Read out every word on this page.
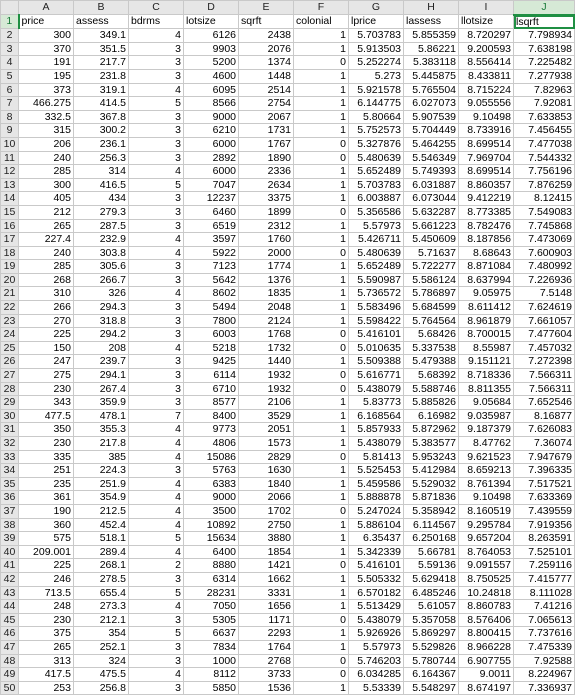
	A	B	C	D	E	F	G	H	I	J
1	price	assess	bdrms	lotsize	sqrft	colonial	lprice	lassess	llotsize	lsqrft
2	300	349.1	4	6126	2438	1	5.703783	5.855359	8.720297	7.798934
3	370	351.5	3	9903	2076	1	5.913503	5.86221	9.200593	7.638198
4	191	217.7	3	5200	1374	0	5.252274	5.383118	8.556414	7.225482
5	195	231.8	3	4600	1448	1	5.273	5.445875	8.433811	7.277938
6	373	319.1	4	6095	2514	1	5.921578	5.765504	8.715224	7.82963
7	466.275	414.5	5	8566	2754	1	6.144775	6.027073	9.055556	7.92081
8	332.5	367.8	3	9000	2067	1	5.80664	5.907539	9.10498	7.633853
9	315	300.2	3	6210	1731	1	5.752573	5.704449	8.733916	7.456455
10	206	236.1	3	6000	1767	0	5.327876	5.464255	8.699514	7.477038
11	240	256.3	3	2892	1890	0	5.480639	5.546349	7.969704	7.544332
12	285	314	4	6000	2336	1	5.652489	5.749393	8.699514	7.756196
13	300	416.5	5	7047	2634	1	5.703783	6.031887	8.860357	7.876259
14	405	434	3	12237	3375	1	6.003887	6.073044	9.412219	8.12415
15	212	279.3	3	6460	1899	0	5.356586	5.632287	8.773385	7.549083
16	265	287.5	3	6519	2312	1	5.57973	5.661223	8.782476	7.745868
17	227.4	232.9	4	3597	1760	1	5.426711	5.450609	8.187856	7.473069
18	240	303.8	4	5922	2000	0	5.480639	5.71637	8.68643	7.600903
19	285	305.6	3	7123	1774	1	5.652489	5.722277	8.871084	7.480992
20	268	266.7	3	5642	1376	1	5.590987	5.586124	8.637994	7.226936
21	310	326	4	8602	1835	1	5.736572	5.786897	9.05975	7.5148
22	266	294.3	3	5494	2048	1	5.583496	5.684599	8.611412	7.624619
23	270	318.8	3	7800	2124	1	5.598422	5.764564	8.961879	7.661057
24	225	294.2	3	6003	1768	0	5.416101	5.68426	8.700015	7.477604
25	150	208	4	5218	1732	0	5.010635	5.337538	8.55987	7.457032
26	247	239.7	3	9425	1440	1	5.509388	5.479388	9.151121	7.272398
27	275	294.1	3	6114	1932	0	5.616771	5.68392	8.718336	7.566311
28	230	267.4	3	6710	1932	0	5.438079	5.588746	8.811355	7.566311
29	343	359.9	3	8577	2106	1	5.83773	5.885826	9.05684	7.652546
30	477.5	478.1	7	8400	3529	1	6.168564	6.16982	9.035987	8.16877
31	350	355.3	4	9773	2051	1	5.857933	5.872962	9.187379	7.626083
32	230	217.8	4	4806	1573	1	5.438079	5.383577	8.47762	7.36074
33	335	385	4	15086	2829	0	5.81413	5.953243	9.621523	7.947679
34	251	224.3	3	5763	1630	1	5.525453	5.412984	8.659213	7.396335
35	235	251.9	4	6383	1840	1	5.459586	5.529032	8.761394	7.517521
36	361	354.9	4	9000	2066	1	5.888878	5.871836	9.10498	7.633369
37	190	212.5	4	3500	1702	0	5.247024	5.358942	8.160519	7.439559
38	360	452.4	4	10892	2750	1	5.886104	6.114567	9.295784	7.919356
39	575	518.1	5	15634	3880	1	6.35437	6.250168	9.657204	8.263591
40	209.001	289.4	4	6400	1854	1	5.342339	5.66781	8.764053	7.525101
41	225	268.1	2	8880	1421	0	5.416101	5.59136	9.091557	7.259116
42	246	278.5	3	6314	1662	1	5.505332	5.629418	8.750525	7.415777
43	713.5	655.4	5	28231	3331	1	6.570182	6.485246	10.24818	8.111028
44	248	273.3	4	7050	1656	1	5.513429	5.61057	8.860783	7.41216
45	230	212.1	3	5305	1171	0	5.438079	5.357058	8.576406	7.065613
46	375	354	5	6637	2293	1	5.926926	5.869297	8.800415	7.737616
47	265	252.1	3	7834	1764	1	5.57973	5.529826	8.966228	7.475339
48	313	324	3	1000	2768	0	5.746203	5.780744	6.907755	7.92588
49	417.5	475.5	4	8112	3733	0	6.034285	6.164367	9.0011	8.224967
50	253	256.8	3	5850	1536	1	5.53339	5.548297	8.674197	7.336937
